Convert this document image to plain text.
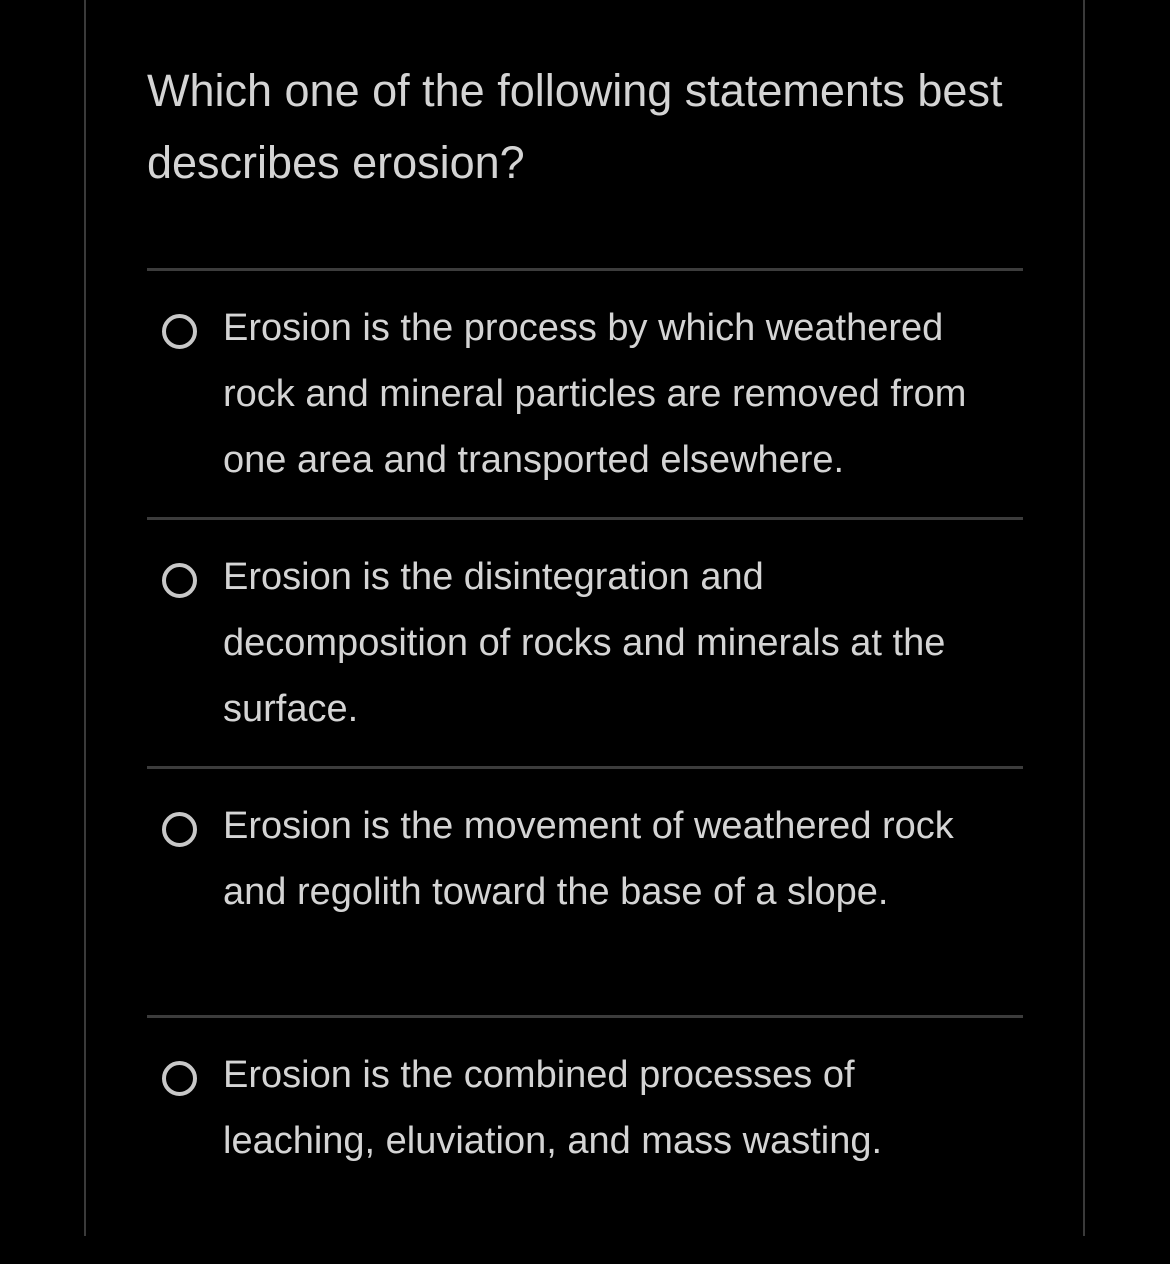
Which one of the following statements best describes erosion?
Erosion is the process by which weathered rock and mineral particles are removed from one area and transported elsewhere.
Erosion is the disintegration and decomposition of rocks and minerals at the surface.
Erosion is the movement of weathered rock and regolith toward the base of a slope.
Erosion is the combined processes of leaching, eluviation, and mass wasting.
